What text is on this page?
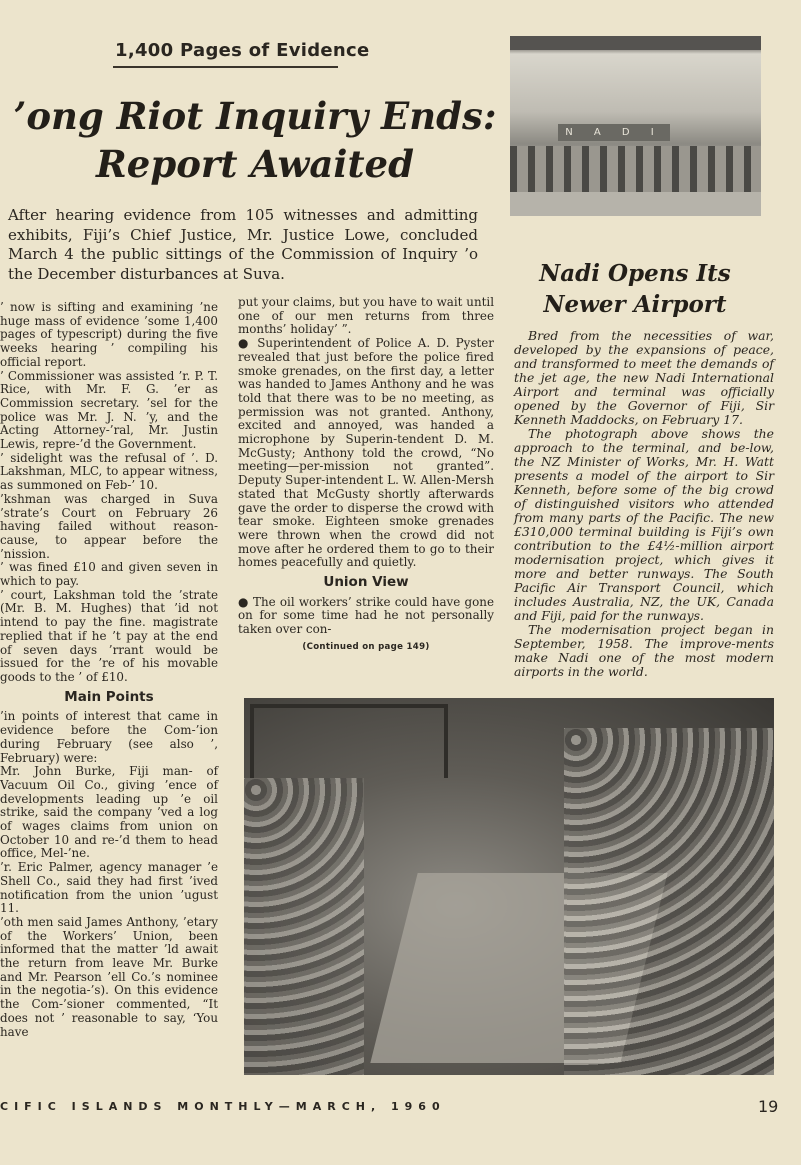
1,400 Pages of Evidence
’ong Riot Inquiry Ends:
Report Awaited
After hearing evidence from 105 witnesses and admitting exhibits, Fiji’s Chief Justice, Mr. Justice Lowe, concluded March 4 the public sittings of the Commission of Inquiry ’o the December disturbances at Suva.

’ now is sifting and examining ’ne huge mass of evidence ’some 1,400 pages of typescript) during the five weeks hearing ’ compiling his official report.

’ Commissioner was assisted ’r. P. T. Rice, with Mr. F. G. ’er as Commission secretary. ’sel for the police was Mr. J. N. ’y, and the Acting Attorney-’ral, Mr. Justin Lewis, repre-’d the Government.

’ sidelight was the refusal of ’. D. Lakshman, MLC, to appear witness, as summoned on Feb-’ 10.

’kshman was charged in Suva ’strate’s Court on February 26 having failed without reason- cause, to appear before the ’nission.

’ was fined £10 and given seven in which to pay.

’ court, Lakshman told the ’strate (Mr. B. M. Hughes) that ’id not intend to pay the fine. magistrate replied that if he ’t pay at the end of seven days ’rrant would be issued for the ’re of his movable goods to the ’ of £10.

Main Points

’in points of interest that came in evidence before the Com-’ion during February (see also ’, February) were:

Mr. John Burke, Fiji man- of Vacuum Oil Co., giving ’ence of developments leading up ’e oil strike, said the company ’ved a log of wages claims from union on October 10 and re-’d them to head office, Mel-’ne.

’r. Eric Palmer, agency manager ’e Shell Co., said they had first ’ived notification from the union ’ugust 11.

’oth men said James Anthony, ’etary of the Workers’ Union, been informed that the matter ’ld await the return from leave Mr. Burke and Mr. Pearson ’ell Co.’s nominee in the negotia-’s). On this evidence the Com-’sioner commented, “It does not ’ reasonable to say, ‘You have

put your claims, but you have to wait until one of our men returns from three months’ holiday’ ”.

● Superintendent of Police A. D. Pyster revealed that just before the police fired smoke grenades, on the first day, a letter was handed to James Anthony and he was told that there was to be no meeting, as permission was not granted. Anthony, excited and annoyed, was handed a microphone by Superin-tendent D. M. McGusty; Anthony told the crowd, “No meeting—per-mission not granted”. Deputy Super-intendent L. W. Allen-Mersh stated that McGusty shortly afterwards gave the order to disperse the crowd with tear smoke. Eighteen smoke grenades were thrown when the crowd did not move after he ordered them to go to their homes peacefully and quietly.

Union View

● The oil workers’ strike could have gone on for some time had he not personally taken over con-

(Continued on page 149)
N A D I
Nadi Opens Its
Newer Airport

Bred from the necessities of war, developed by the expansions of peace, and transformed to meet the demands of the jet age, the new Nadi International Airport and terminal was officially opened by the Governor of Fiji, Sir Kenneth Maddocks, on February 17.

The photograph above shows the approach to the terminal, and be-low, the NZ Minister of Works, Mr. H. Watt presents a model of the airport to Sir Kenneth, before some of the big crowd of distinguished visitors who attended from many parts of the Pacific. The new £310,000 terminal building is Fiji’s own contribution to the £4½-million airport modernisation project, which gives it more and better runways. The South Pacific Air Transport Council, which includes Australia, NZ, the UK, Canada and Fiji, paid for the runways.

The modernisation project began in September, 1958. The improve-ments make Nadi one of the most modern airports in the world.

CIFIC ISLANDS MONTHLY—MARCH, 1960	19
